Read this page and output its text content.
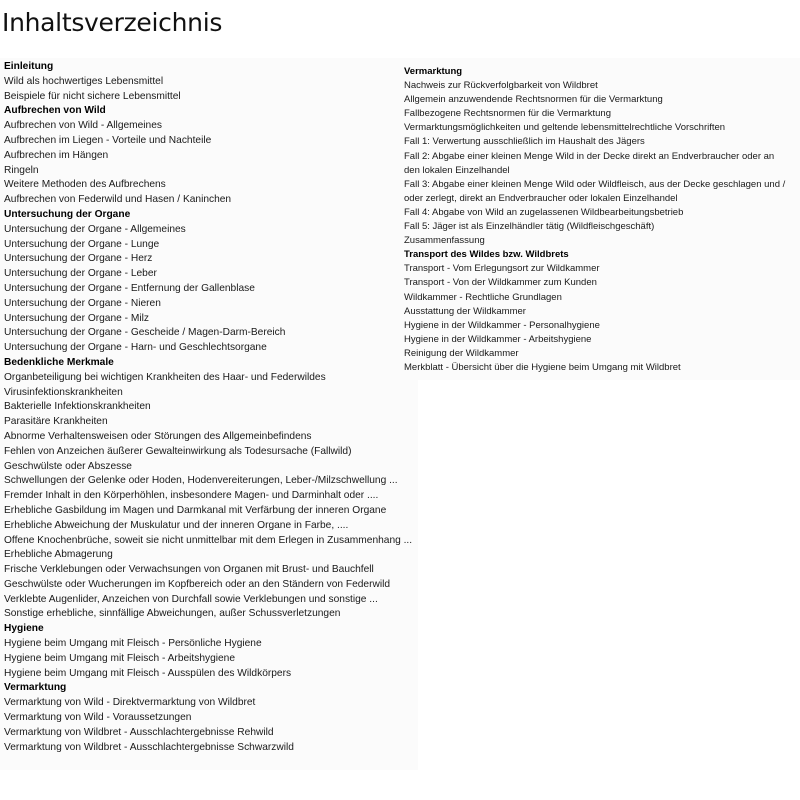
Inhaltsverzeichnis
Einleitung
Wild als hochwertiges Lebensmittel
Beispiele für nicht sichere Lebensmittel
Aufbrechen von Wild
Aufbrechen von Wild - Allgemeines
Aufbrechen im Liegen - Vorteile und Nachteile
Aufbrechen im Hängen
Ringeln
Weitere Methoden des Aufbrechens
Aufbrechen von Federwild und Hasen / Kaninchen
Untersuchung der Organe
Untersuchung der Organe - Allgemeines
Untersuchung der Organe - Lunge
Untersuchung der Organe - Herz
Untersuchung der Organe - Leber
Untersuchung der Organe - Entfernung der Gallenblase
Untersuchung der Organe - Nieren
Untersuchung der Organe - Milz
Untersuchung der Organe - Gescheide / Magen-Darm-Bereich
Untersuchung der Organe - Harn- und Geschlechtsorgane
Bedenkliche Merkmale
Organbeteiligung bei wichtigen Krankheiten des Haar- und Federwildes
Virusinfektionskrankheiten
Bakterielle Infektionskrankheiten
Parasitäre Krankheiten
Abnorme Verhaltensweisen oder Störungen des Allgemeinbefindens
Fehlen von Anzeichen äußerer Gewalteinwirkung als Todesursache (Fallwild)
Geschwülste oder Abszesse
Schwellungen der Gelenke oder Hoden, Hodenvereiterungen, Leber-/Milzschwellung ...
Fremder Inhalt in den Körperhöhlen, insbesondere Magen- und Darminhalt oder ....
Erhebliche Gasbildung im Magen und Darmkanal mit Verfärbung der inneren Organe
Erhebliche Abweichung der Muskulatur und der inneren Organe in Farbe, ....
Offene Knochenbrüche, soweit sie nicht unmittelbar mit dem Erlegen in Zusammenhang ...
Erhebliche Abmagerung
Frische Verklebungen oder Verwachsungen von Organen mit Brust- und Bauchfell
Geschwülste oder Wucherungen im Kopfbereich oder an den Ständern von Federwild
Verklebte Augenlider, Anzeichen von Durchfall sowie Verklebungen und sonstige ...
Sonstige erhebliche, sinnfällige Abweichungen, außer Schussverletzungen
Hygiene
Hygiene beim Umgang mit Fleisch - Persönliche Hygiene
Hygiene beim Umgang mit Fleisch - Arbeitshygiene
Hygiene beim Umgang mit Fleisch - Ausspülen des Wildkörpers
Vermarktung
Vermarktung von Wild - Direktvermarktung von Wildbret
Vermarktung von Wild - Voraussetzungen
Vermarktung von Wildbret - Ausschlachtergebnisse Rehwild
Vermarktung von Wildbret - Ausschlachtergebnisse Schwarzwild
Vermarktung
Nachweis zur Rückverfolgbarkeit von Wildbret
Allgemein anzuwendende Rechtsnormen für die Vermarktung
Fallbezogene Rechtsnormen für die Vermarktung
Vermarktungsmöglichkeiten und geltende lebensmittelrechtliche Vorschriften
Fall 1: Verwertung ausschließlich im Haushalt des Jägers
Fall 2: Abgabe einer kleinen Menge Wild in der Decke direkt an Endverbraucher oder an
den lokalen Einzelhandel
Fall 3: Abgabe einer kleinen Menge Wild oder Wildfleisch, aus der Decke geschlagen und /
oder zerlegt, direkt an Endverbraucher oder lokalen Einzelhandel
Fall 4: Abgabe von Wild an zugelassenen Wildbearbeitungsbetrieb
Fall 5: Jäger ist als Einzelhändler tätig (Wildfleischgeschäft)
Zusammenfassung
Transport des Wildes bzw. Wildbrets
Transport - Vom Erlegungsort zur Wildkammer
Transport - Von der Wildkammer zum Kunden
Wildkammer - Rechtliche Grundlagen
Ausstattung der Wildkammer
Hygiene in der Wildkammer - Personalhygiene
Hygiene in der Wildkammer - Arbeitshygiene
Reinigung der Wildkammer
Merkblatt - Übersicht über die Hygiene beim Umgang mit Wildbret
